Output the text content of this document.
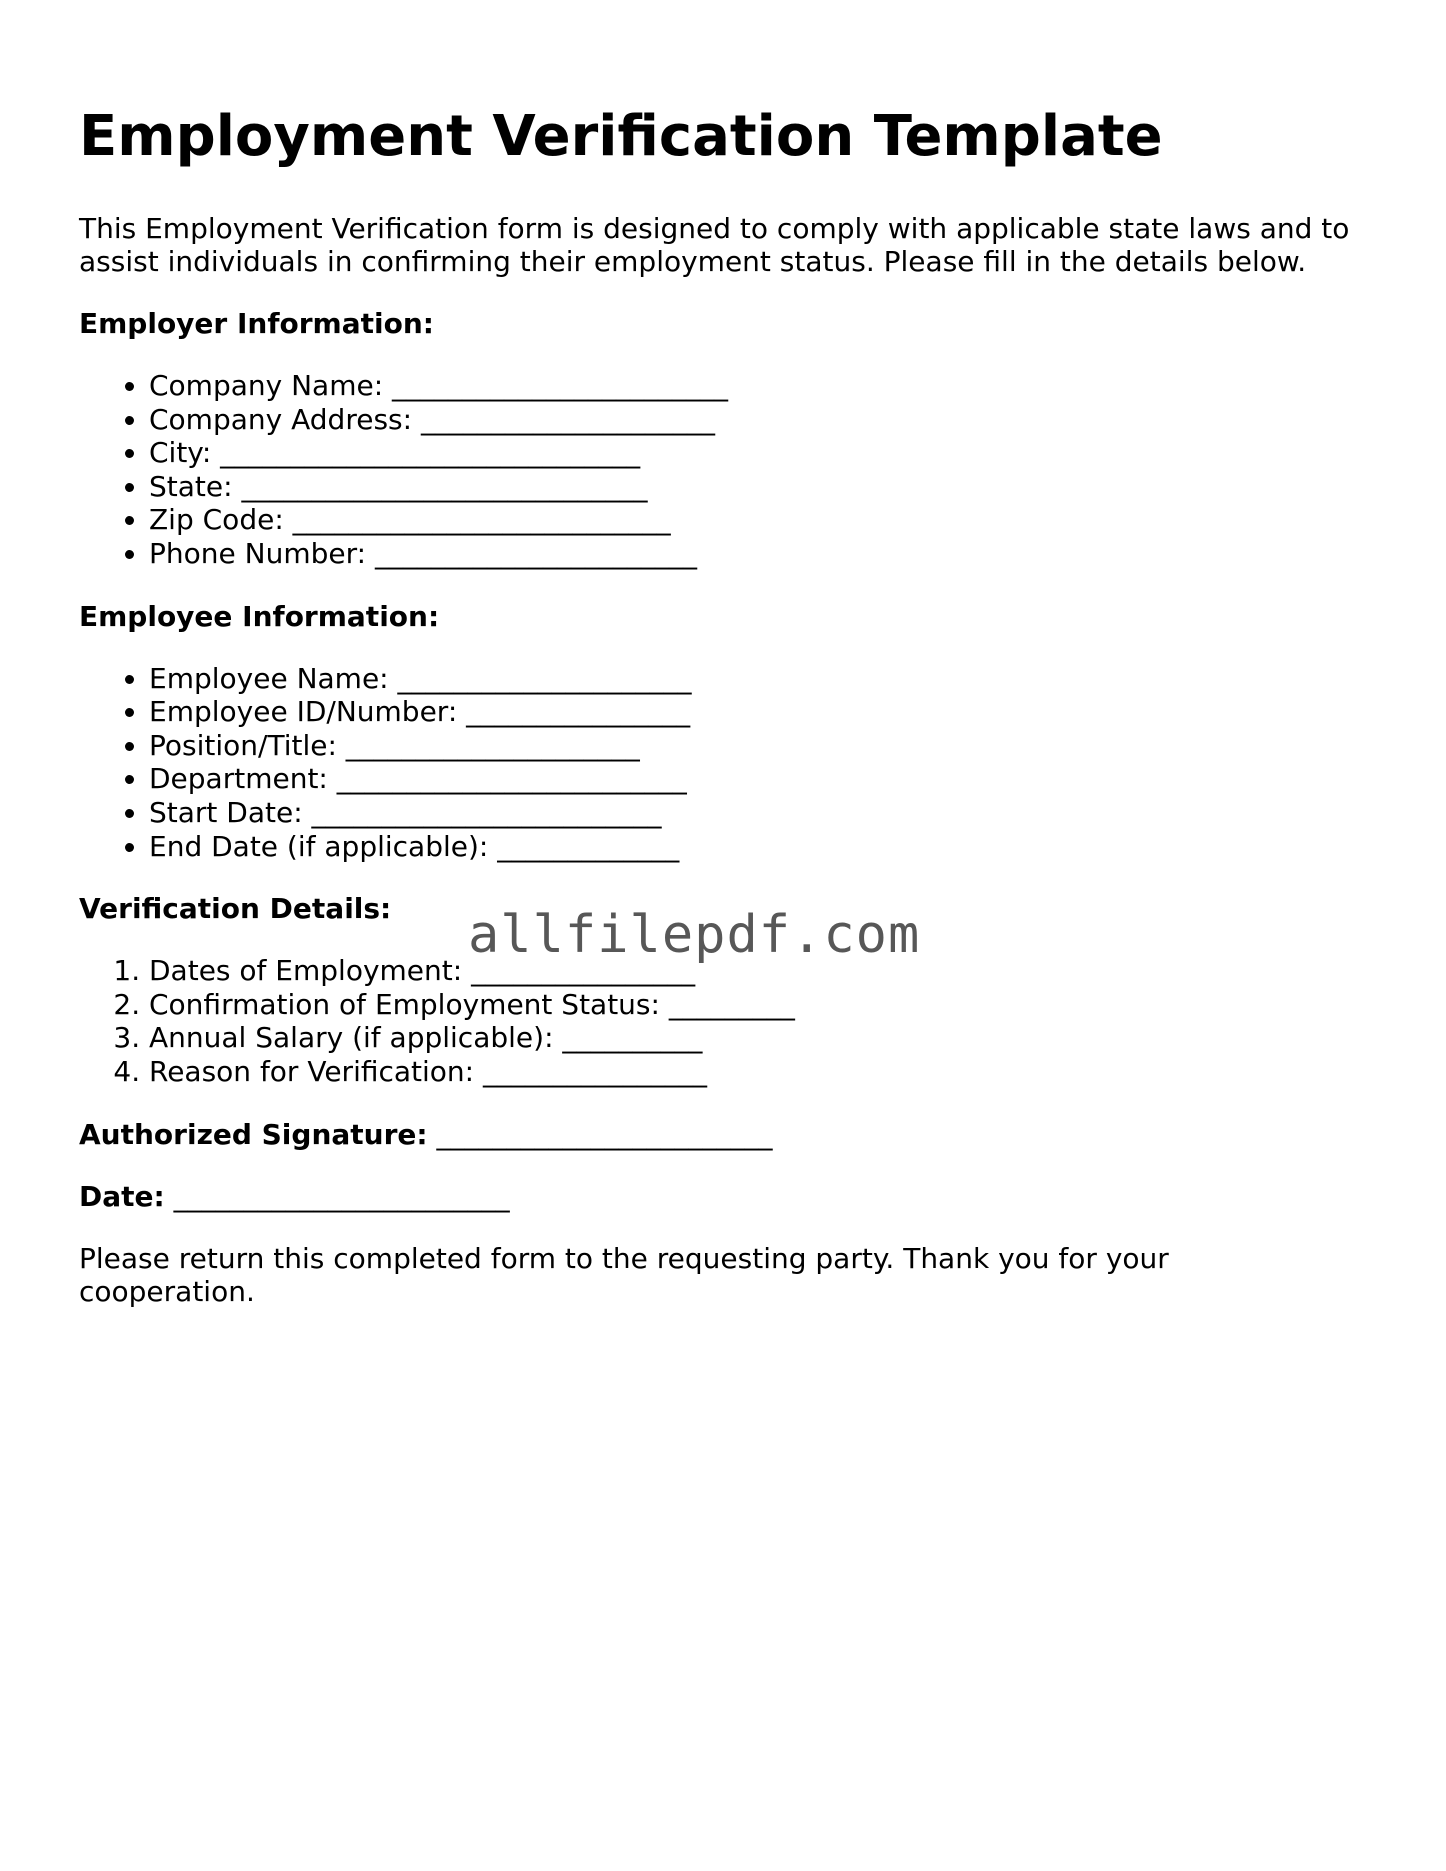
Employment Verification Template

This Employment Verification form is designed to comply with applicable state laws and to assist individuals in confirming their employment status. Please fill in the details below.

Employer Information:

• Company Name: ________________________
• Company Address: _____________________
• City: ______________________________
• State: _____________________________
• Zip Code: ___________________________
• Phone Number: _______________________

Employee Information:

• Employee Name: _____________________
• Employee ID/Number: ________________
• Position/Title: _____________________
• Department: _________________________
• Start Date: _________________________
• End Date (if applicable): _____________

Verification Details:

1. Dates of Employment: ________________
2. Confirmation of Employment Status: _________
3. Annual Salary (if applicable): __________
4. Reason for Verification: ________________

Authorized Signature: ________________________

Date: ________________________

Please return this completed form to the requesting party. Thank you for your cooperation.

allfilepdf.com
